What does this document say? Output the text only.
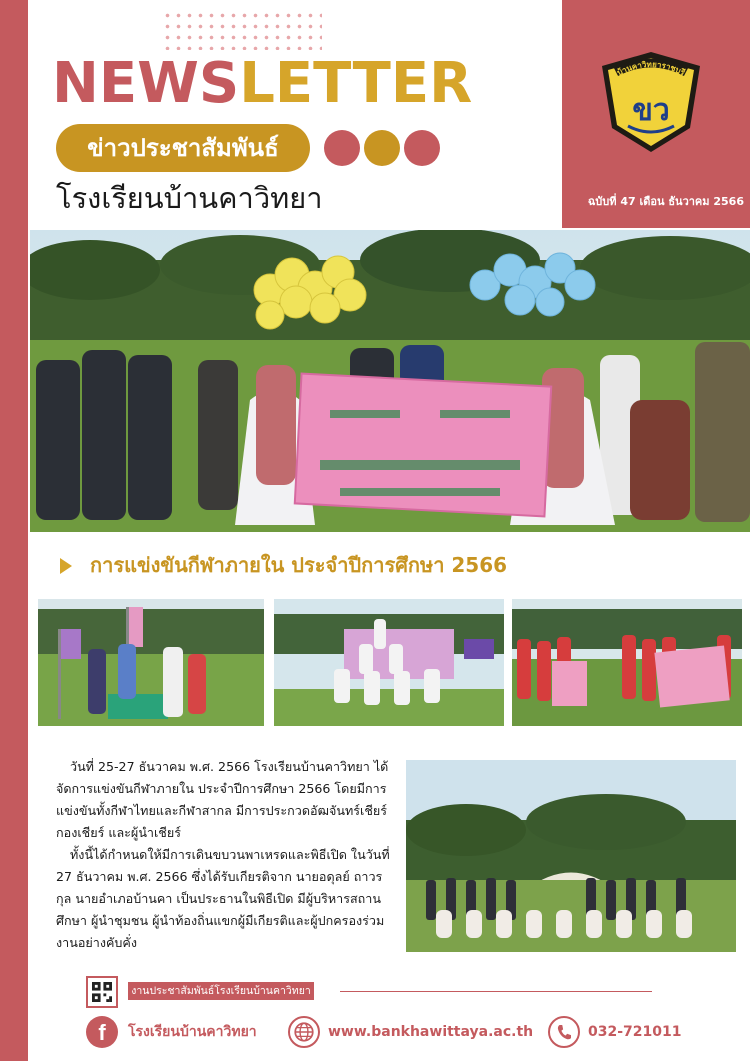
NEWSLETTER
ข่าวประชาสัมพันธ์
โรงเรียนบ้านคาวิทยา
บ้านคาวิทยาราชบุรี
ขว
ฉบับที่ 47 เดือน ธันวาคม 2566
การแข่งขันกีฬาภายใน ประจำปีการศึกษา 2566

วันที่ 25-27 ธันวาคม พ.ศ. 2566 โรงเรียนบ้านคาวิทยา ได้จัดการแข่งขันกีฬาภายใน ประจำปีการศึกษา 2566 โดยมีการแข่งขันทั้งกีฬาไทยและกีฬาสากล มีการประกวดอัฒจันทร์เชียร์ กองเชียร์ และผู้นำเชียร์

ทั้งนี้ได้กำหนดให้มีการเดินขบวนพาเหรดและพิธีเปิด ในวันที่ 27 ธันวาคม พ.ศ. 2566 ซึ่งได้รับเกียรติจาก นายอดุลย์ ถาวรกุล นายอำเภอบ้านคา เป็นประธานในพิธีเปิด มีผู้บริหารสถานศึกษา ผู้นำชุมชน ผู้นำท้องถิ่นแขกผู้มีเกียรติและผู้ปกครองร่วมงานอย่างคับคั่ง

งานประชาสัมพันธ์โรงเรียนบ้านคาวิทยา
f	โรงเรียนบ้านคาวิทยา	www.bankhawittaya.ac.th	032-721011
